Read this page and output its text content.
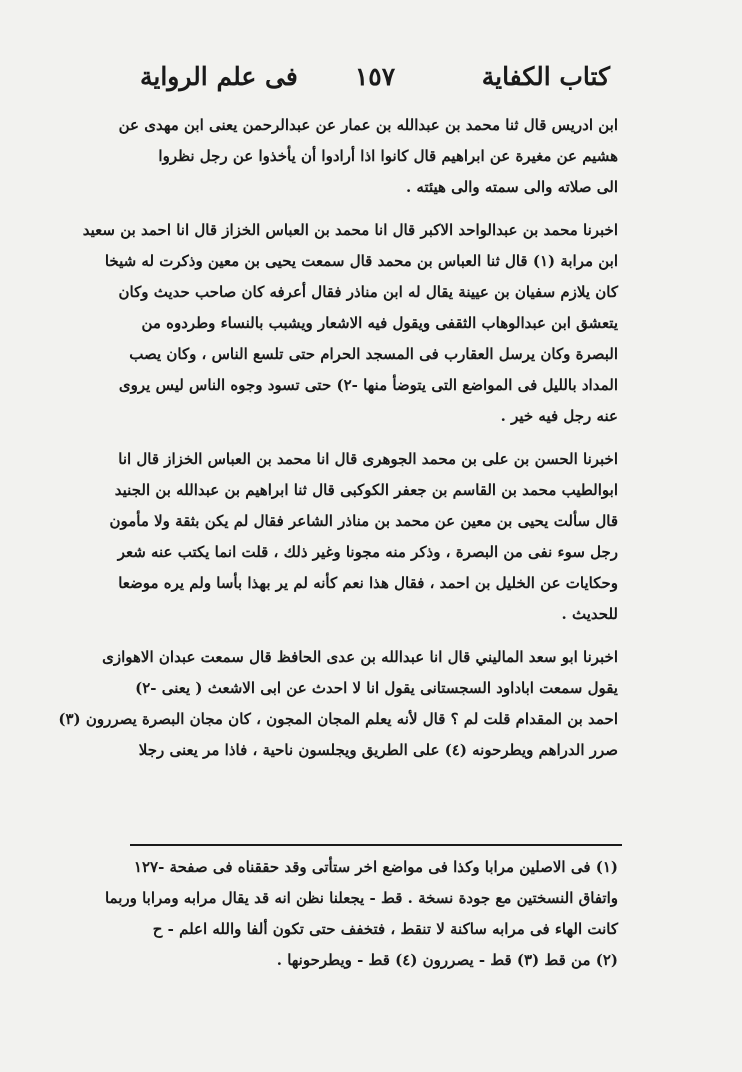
كتاب الكفاية
١٥٧
فى علم الرواية
ابن ادريس قال ثنا محمد بن عبدالله بن عمار عن عبدالرحمن يعنى ابن مهدى عن
هشيم عن مغيرة عن ابراهيم قال كانوا اذا أرادوا أن يأخذوا عن رجل نظروا
الى صلاته والى سمته والى هيئته .
اخبرنا محمد بن عبدالواحد الاكبر قال انا محمد بن العباس الخزاز قال انا احمد بن سعيد
ابن مرابة (١) قال ثنا العباس بن محمد قال سمعت يحيى بن معين وذكرت له شيخا
كان يلازم سفيان بن عيينة يقال له ابن مناذر فقال أعرفه كان صاحب حديث وكان
يتعشق ابن عبدالوهاب الثقفى ويقول فيه الاشعار ويشبب بالنساء وطردوه من
البصرة وكان يرسل العقارب فى المسجد الحرام حتى تلسع الناس ، وكان يصب
المداد بالليل فى المواضع التى يتوضأ منها -٢) حتى تسود وجوه الناس ليس يروى
عنه رجل فيه خير .
اخبرنا الحسن بن على بن محمد الجوهرى قال انا محمد بن العباس الخزاز قال انا
ابوالطيب محمد بن القاسم بن جعفر الكوكبى قال ثنا ابراهيم بن عبدالله بن الجنيد
قال سألت يحيى بن معين عن محمد بن مناذر الشاعر فقال لم يكن بثقة ولا مأمون
رجل سوء نفى من البصرة ، وذكر منه مجونا وغير ذلك ، قلت انما يكتب عنه شعر
وحكايات عن الخليل بن احمد ، فقال هذا نعم كأنه لم ير بهذا بأسا ولم يره موضعا
للحديث .
اخبرنا ابو سعد الماليني قال انا عبدالله بن عدى الحافظ قال سمعت عبدان الاهوازى
يقول سمعت اباداود السجستانى يقول انا لا احدث عن ابى الاشعث ( يعنى -٢)
احمد بن المقدام قلت لم ؟ قال لأنه يعلم المجان المجون ، كان مجان البصرة يصررون (٣)
صرر الدراهم ويطرحونه (٤) على الطريق ويجلسون ناحية ، فاذا مر يعنى رجلا
(١) فى الاصلين مرابا وكذا فى مواضع اخر ستأتى وقد حققناه فى صفحة -١٢٧
واتفاق النسختين مع جودة نسخة . قط - يجعلنا نظن انه قد يقال مرابه ومرابا وربما
كانت الهاء فى مرابه ساكنة لا تنقط ، فتخفف حتى تكون ألفا والله اعلم - ح
(٢) من قط (٣) قط - يصررون (٤) قط - ويطرحونها .
